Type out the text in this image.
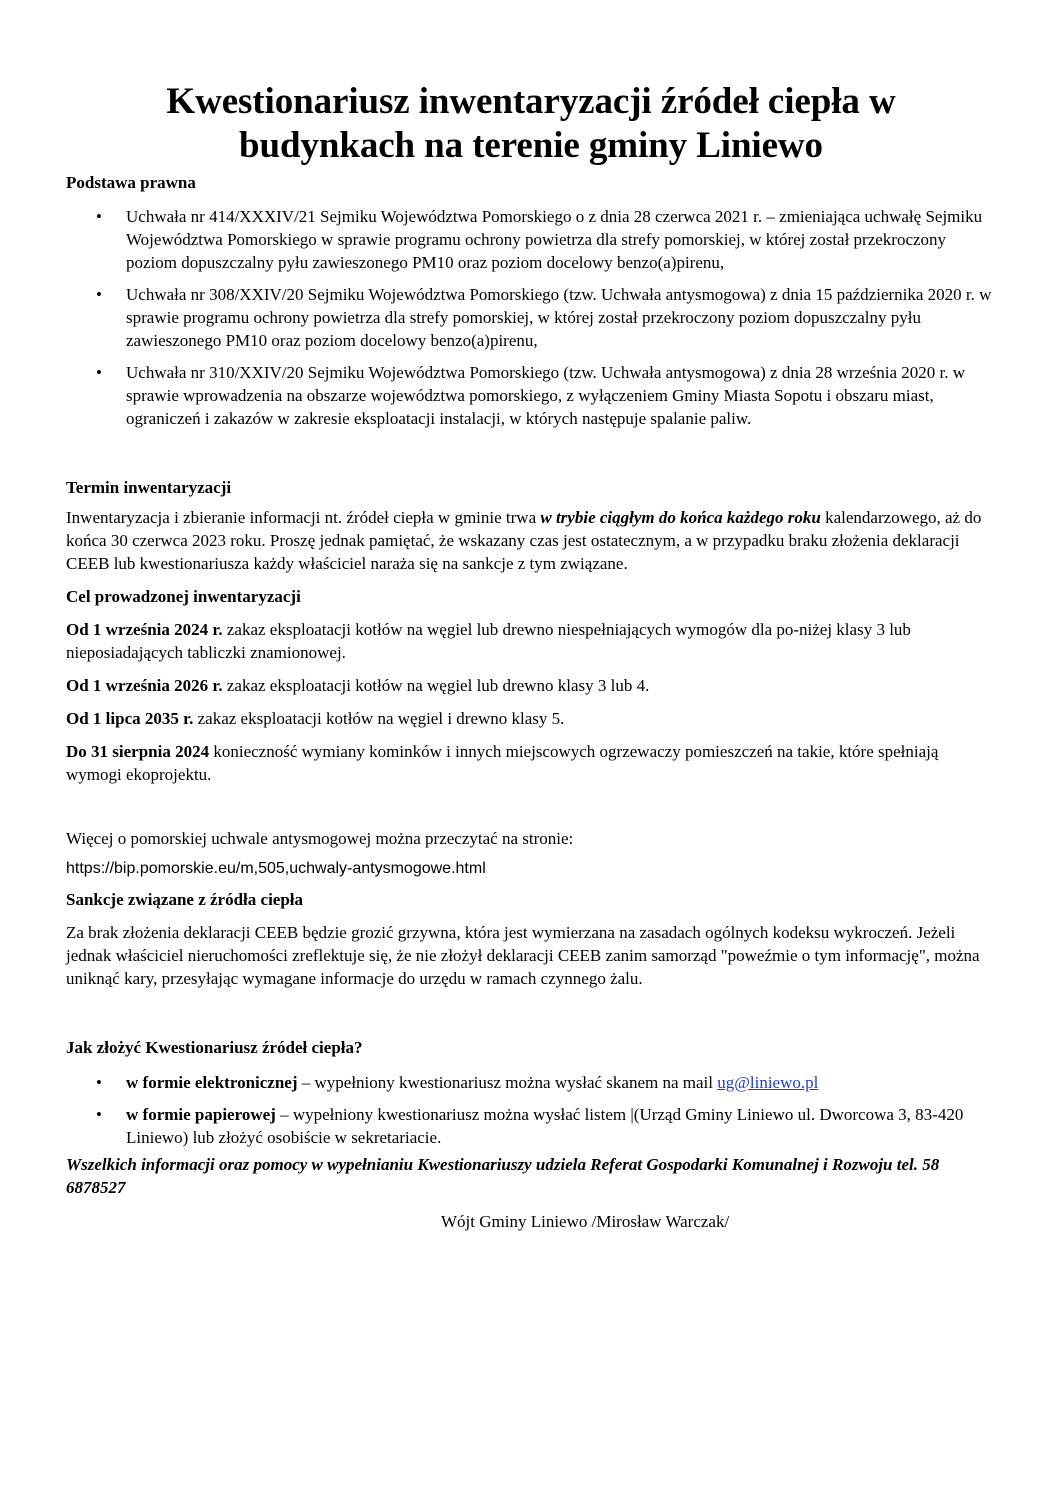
Kwestionariusz inwentaryzacji źródeł ciepła w
budynkach na terenie gminy Liniewo
Podstawa prawna
• Uchwała nr 414/XXXIV/21 Sejmiku Województwa Pomorskiego o z dnia 28 czerwca 2021 r. – zmieniająca uchwałę Sejmiku Województwa Pomorskiego w sprawie programu ochrony powietrza dla strefy pomorskiej, w której został przekroczony poziom dopuszczalny pyłu zawieszonego PM10 oraz poziom docelowy benzo(a)pirenu,
• Uchwała nr 308/XXIV/20 Sejmiku Województwa Pomorskiego (tzw. Uchwała antysmogowa) z dnia 15 października 2020 r. w sprawie programu ochrony powietrza dla strefy pomorskiej, w której został przekroczony poziom dopuszczalny pyłu zawieszonego PM10 oraz poziom docelowy benzo(a)pirenu,
• Uchwała nr 310/XXIV/20 Sejmiku Województwa Pomorskiego (tzw. Uchwała antysmogowa) z dnia 28 września 2020 r. w sprawie wprowadzenia na obszarze województwa pomorskiego, z wyłączeniem Gminy Miasta Sopotu i obszaru miast, ograniczeń i zakazów w zakresie eksploatacji instalacji, w których następuje spalanie paliw.
Termin inwentaryzacji

Inwentaryzacja i zbieranie informacji nt. źródeł ciepła w gminie trwa w trybie ciągłym do końca każdego roku kalendarzowego, aż do końca 30 czerwca 2023 roku. Proszę jednak pamiętać, że wskazany czas jest ostatecznym, a w przypadku braku złożenia deklaracji CEEB lub kwestionariusza każdy właściciel naraża się na sankcje z tym związane.

Cel prowadzonej inwentaryzacji

Od 1 września 2024 r. zakaz eksploatacji kotłów na węgiel lub drewno niespełniających wymogów dla po-niżej klasy 3 lub nieposiadających tabliczki znamionowej.

Od 1 września 2026 r. zakaz eksploatacji kotłów na węgiel lub drewno klasy 3 lub 4.

Od 1 lipca 2035 r. zakaz eksploatacji kotłów na węgiel i drewno klasy 5.

Do 31 sierpnia 2024 konieczność wymiany kominków i innych miejscowych ogrzewaczy pomieszczeń na takie, które spełniają wymogi ekoprojektu.

Więcej o pomorskiej uchwale antysmogowej można przeczytać na stronie:

https://bip.pomorskie.eu/m,505,uchwaly-antysmogowe.html

Sankcje związane z źródła ciepła

Za brak złożenia deklaracji CEEB będzie grozić grzywna, która jest wymierzana na zasadach ogólnych kodeksu wykroczeń. Jeżeli jednak właściciel nieruchomości zreflektuje się, że nie złożył deklaracji CEEB zanim samorząd "poweźmie o tym informację", można uniknąć kary, przesyłając wymagane informacje do urzędu w ramach czynnego żalu.

Jak złożyć Kwestionariusz źródeł ciepła?
• w formie elektronicznej – wypełniony kwestionariusz można wysłać skanem na mail ug@liniewo.pl
• w formie papierowej – wypełniony kwestionariusz można wysłać listem |(Urząd Gminy Liniewo ul. Dworcowa 3, 83-420 Liniewo) lub złożyć osobiście w sekretariacie.

Wszelkich informacji oraz pomocy w wypełnianiu Kwestionariuszy udziela Referat Gospodarki Komunalnej i Rozwoju tel. 58 6878527

Wójt Gminy Liniewo /Mirosław Warczak/
